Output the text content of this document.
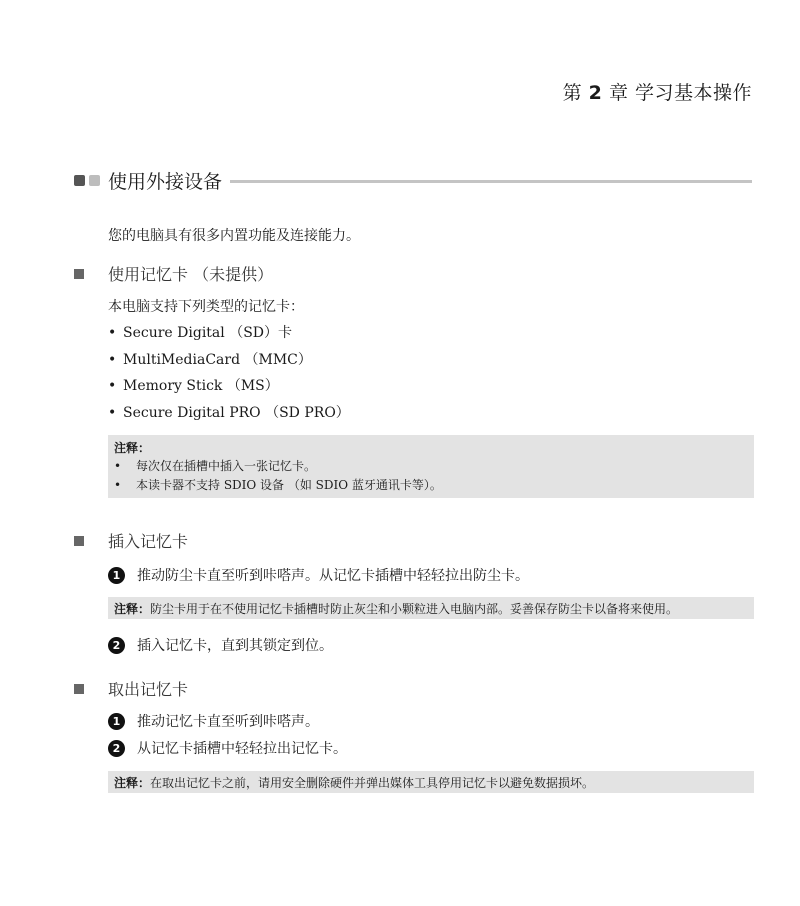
第 2 章 学习基本操作
使用外接设备
您的电脑具有很多内置功能及连接能力。
使用记忆卡 （未提供）
本电脑支持下列类型的记忆卡：
• Secure Digital （SD）卡
• MultiMediaCard （MMC）
• Memory Stick （MS）
• Secure Digital PRO （SD PRO）
注释：
• 每次仅在插槽中插入一张记忆卡。
• 本读卡器不支持 SDIO 设备 （如 SDIO 蓝牙通讯卡等）。
插入记忆卡
1	推动防尘卡直至听到咔嗒声。从记忆卡插槽中轻轻拉出防尘卡。
注释： 防尘卡用于在不使用记忆卡插槽时防止灰尘和小颗粒进入电脑内部。妥善保存防尘卡以备将来使用。
2	插入记忆卡，直到其锁定到位。
取出记忆卡
1	推动记忆卡直至听到咔嗒声。
2	从记忆卡插槽中轻轻拉出记忆卡。
注释： 在取出记忆卡之前，请用安全删除硬件并弹出媒体工具停用记忆卡以避免数据损坏。
